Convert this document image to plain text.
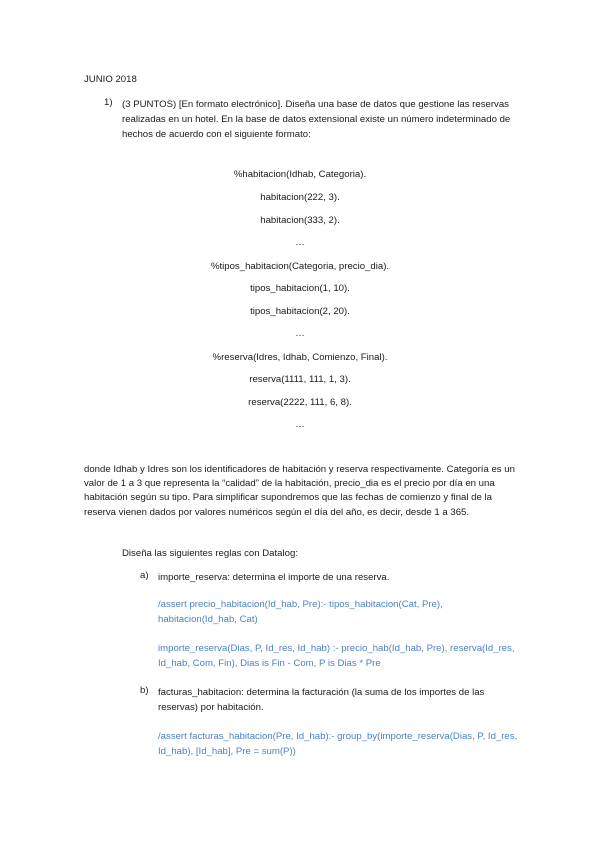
JUNIO 2018
1) (3 PUNTOS) [En formato electrónico]. Diseña una base de datos que gestione las reservas realizadas en un hotel. En la base de datos extensional existe un número indeterminado de hechos de acuerdo con el siguiente formato:
%habitacion(Idhab, Categoria).
habitacion(222, 3).
habitacion(333, 2).
…
%tipos_habitacion(Categoria, precio_dia).
tipos_habitacion(1, 10).
tipos_habitacion(2, 20).
…
%reserva(Idres, Idhab, Comienzo, Final).
reserva(1111, 111, 1, 3).
reserva(2222, 111, 6, 8).
…
donde Idhab y Idres son los identificadores de habitación y reserva respectivamente. Categoría es un valor de 1 a 3 que representa la “calidad” de la habitación, precio_dia es el precio por día en una habitación según su tipo. Para simplificar supondremos que las fechas de comienzo y final de la reserva vienen dados por valores numéricos según el día del año, es decir, desde 1 a 365.
Diseña las siguientes reglas con Datalog:
a) importe_reserva: determina el importe de una reserva.
/assert precio_habitacion(Id_hab, Pre):- tipos_habitacion(Cat, Pre), habitacion(Id_hab, Cat)
importe_reserva(Dias, P, Id_res, Id_hab) :- precio_hab(Id_hab, Pre), reserva(Id_res, Id_hab, Com, Fin), Dias is Fin - Com, P is Dias * Pre
b) facturas_habitacion: determina la facturación (la suma de los importes de las reservas) por habitación.
/assert facturas_habitacion(Pre, Id_hab):- group_by(importe_reserva(Dias, P, Id_res, Id_hab), [Id_hab], Pre = sum(P))
